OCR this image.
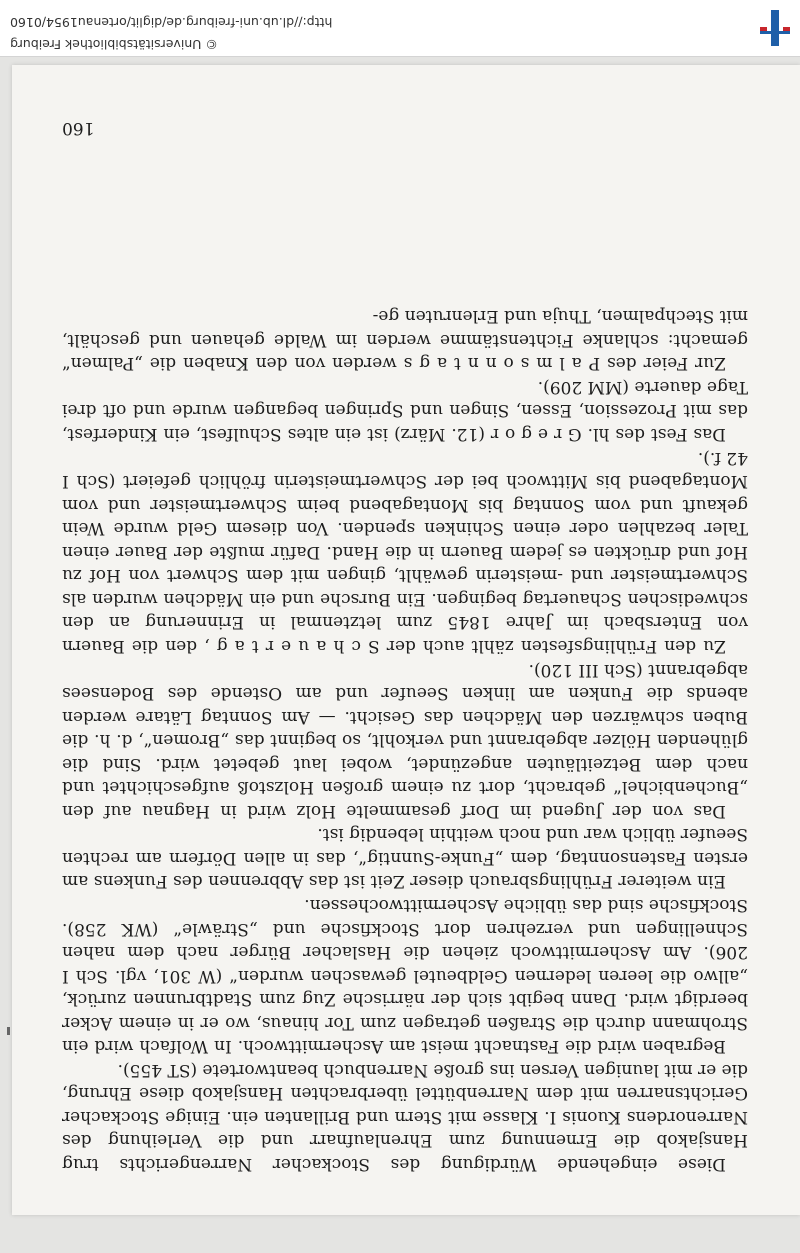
Diese eingehende Würdigung des Stockacher Narrengerichts trug Hansjakob die Ernennung zum Ehrenlaufnarr und die Verleihung des Narrenordens Kuonis I. Klasse mit Stern und Brillanten ein. Einige Stockacher Gerichtsnarren mit dem Narrenbüttel überbrachten Hansjakob diese Ehrung, die er mit launigen Versen ins große Narrenbuch beantwortete (ST 455).

Begraben wird die Fastnacht meist am Aschermittwoch. In Wolfach wird ein Strohmann durch die Straßen getragen zum Tor hinaus, wo er in einem Acker beerdigt wird. Dann begibt sich der närrische Zug zum Stadtbrunnen zurück, „allwo die leeren ledernen Geldbeutel gewaschen wurden“ (W 301, vgl. Sch I 206). Am Aschermittwoch ziehen die Haslacher Bürger nach dem nahen Schnellingen und verzehren dort Stockfische und „Sträwle“ (WK 258). Stockfische sind das übliche Aschermittwochessen.

Ein weiterer Frühlingsbrauch dieser Zeit ist das Abbrennen des Funkens am ersten Fastensonntag, dem „Funke-Sunntig“, das in allen Dörfern am rechten Seeufer üblich war und noch weithin lebendig ist.

Das von der Jugend im Dorf gesammelte Holz wird in Hagnau auf den „Buchenbichel“ gebracht, dort zu einem großen Holzstoß aufgeschichtet und nach dem Betzeitläuten angezündet, wobei laut gebetet wird. Sind die glühenden Hölzer abgebrannt und verkohlt, so beginnt das „Bromen“, d. h. die Buben schwärzen den Mädchen das Gesicht. — Am Sonntag Lätare werden abends die Funken am linken Seeufer und am Ostende des Bodensees abgebrannt (Sch III 120).

Zu den Frühlingsfesten zählt auch der S c h a u e r t a g , den die Bauern von Entersbach im Jahre 1845 zum letztenmal in Erinnerung an den schwedischen Schauertag begingen. Ein Bursche und ein Mädchen wurden als Schwertmeister und -meisterin gewählt, gingen mit dem Schwert von Hof zu Hof und drückten es jedem Bauern in die Hand. Dafür mußte der Bauer einen Taler bezahlen oder einen Schinken spenden. Von diesem Geld wurde Wein gekauft und vom Sonntag bis Montagabend beim Schwertmeister und vom Montagabend bis Mittwoch bei der Schwertmeisterin fröhlich gefeiert (Sch I 42 f.).

Das Fest des hl. G r e g o r (12. März) ist ein altes Schulfest, ein Kinderfest, das mit Prozession, Essen, Singen und Springen begangen wurde und oft drei Tage dauerte (MM 209).

Zur Feier des P a l m s o n n t a g s werden von den Knaben die „Palmen“ gemacht: schlanke Fichtenstämme werden im Walde gehauen und geschält, mit Stechpalmen, Thuja und Erlenruten ge-

160
© Universitätsbibliothek Freiburg
http://dl.ub.uni-freiburg.de/diglit/ortenau1954/0160
